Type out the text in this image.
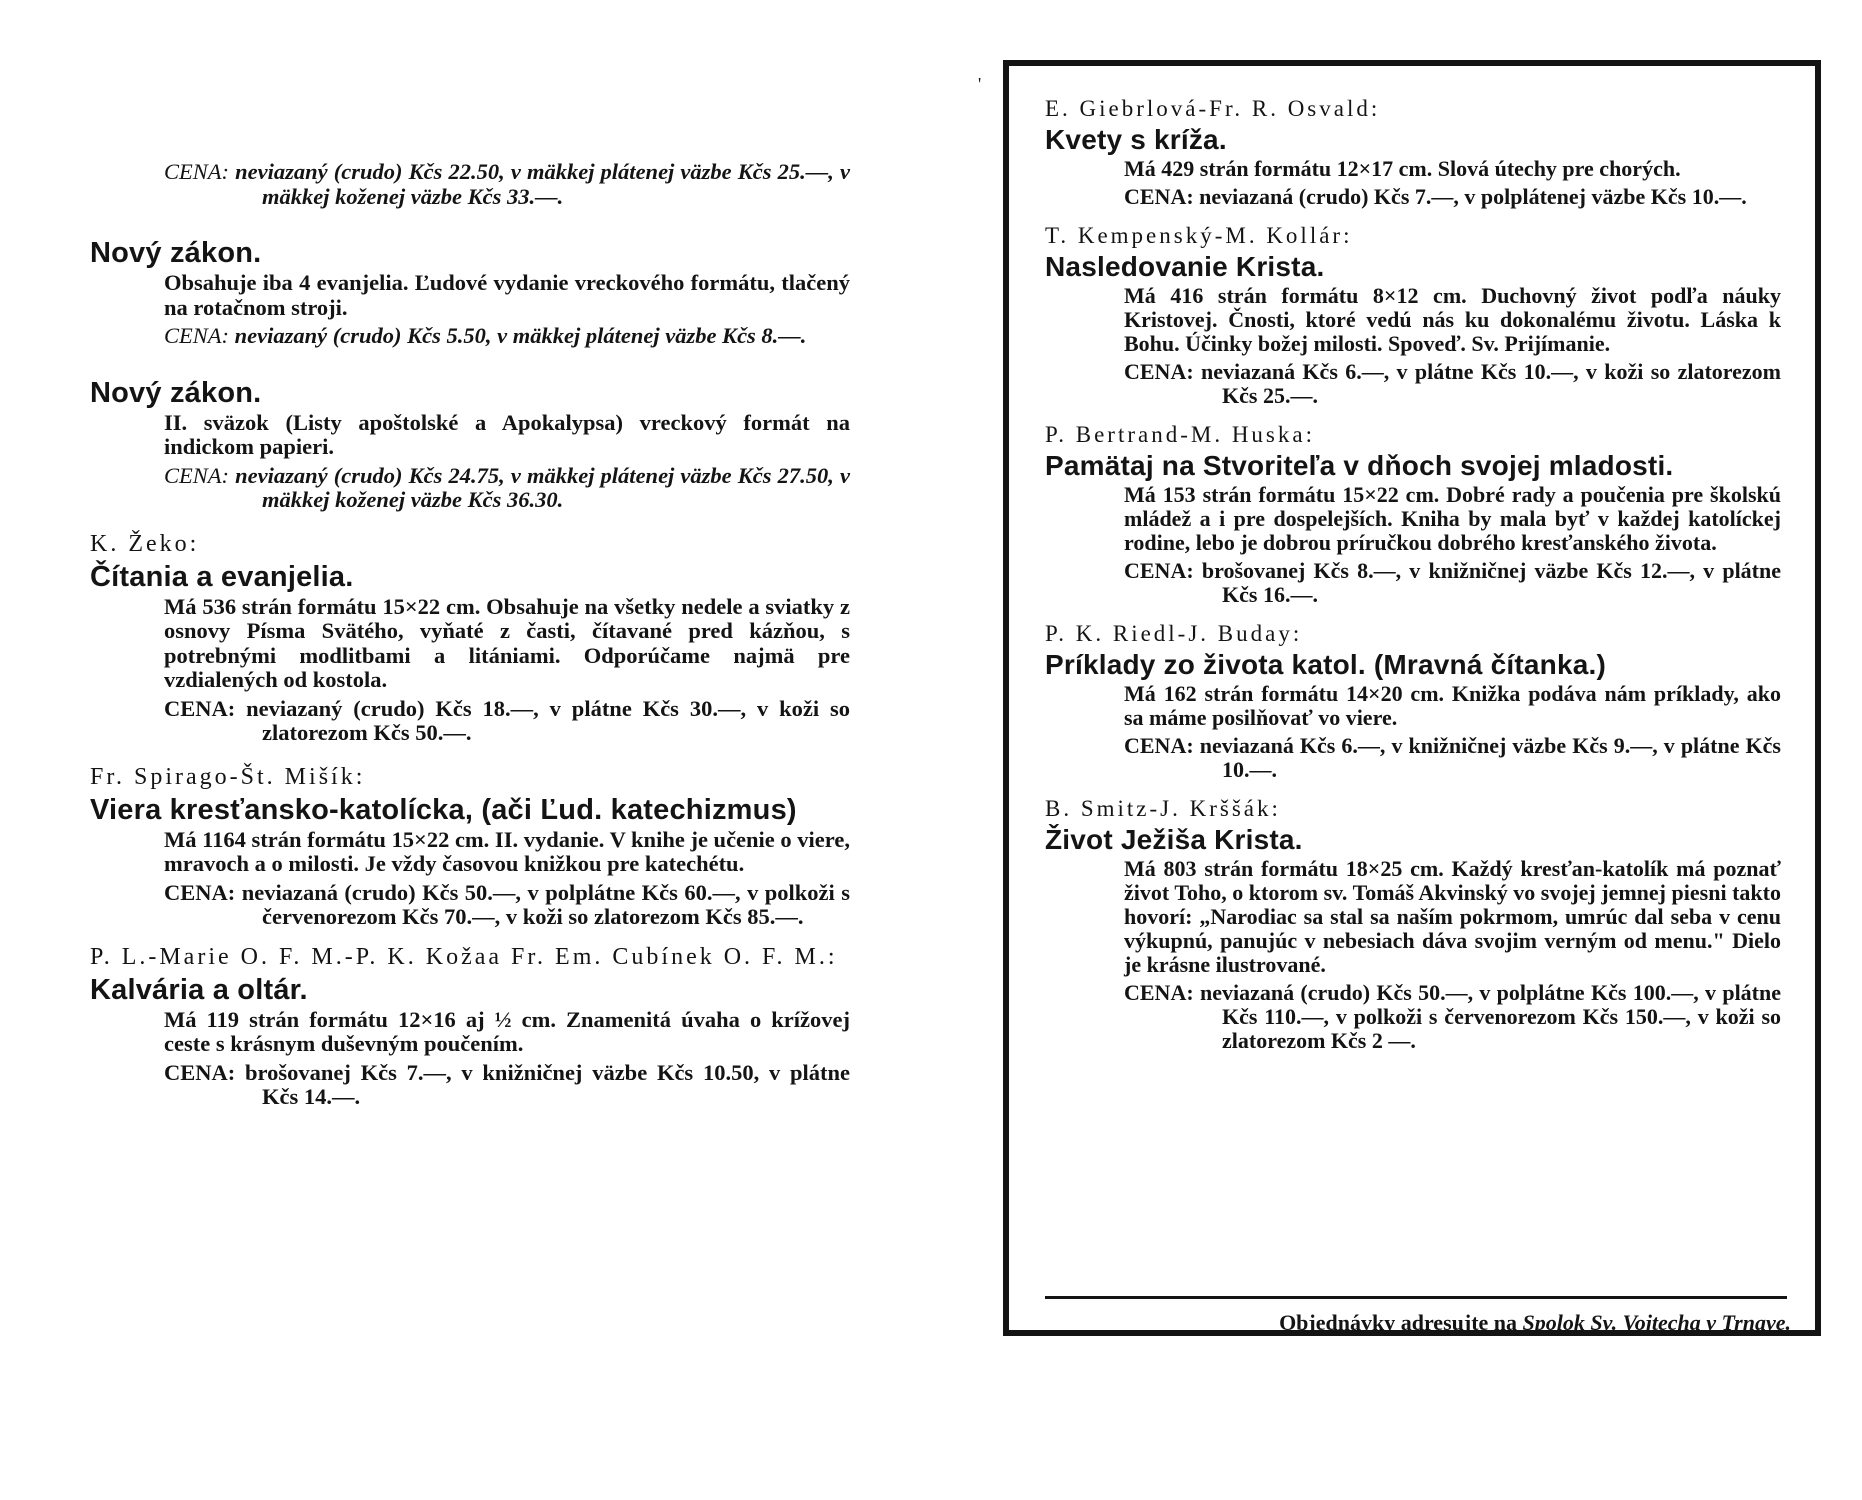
'

CENA: neviazaný (crudo) Kčs 22.50, v mäkkej plátenej väzbe Kčs 25.—, v mäkkej koženej väzbe Kčs 33.—.

Nový zákon.

Obsahuje iba 4 evanjelia. Ľudové vydanie vreckového formátu, tlačený na rotačnom stroji.

CENA: neviazaný (crudo) Kčs 5.50, v mäkkej plátenej väzbe Kčs 8.—.

Nový zákon.

II. sväzok (Listy apoštolské a Apokalypsa) vreckový formát na indickom papieri.

CENA: neviazaný (crudo) Kčs 24.75, v mäkkej plátenej väzbe Kčs 27.50, v mäkkej koženej väzbe Kčs 36.30.

K. Žeko:

Čítania a evanjelia.

Má 536 strán formátu 15×22 cm. Obsahuje na všetky nedele a sviatky z osnovy Písma Svätého, vyňaté z časti, čítavané pred kázňou, s potrebnými modlitbami a litániami. Odporúčame najmä pre vzdialených od kostola.

CENA: neviazaný (crudo) Kčs 18.—, v plátne Kčs 30.—, v koži so zlatorezom Kčs 50.—.

Fr. Spirago-Št. Mišík:

Viera kresťansko-katolícka, (ači Ľud. katechizmus)

Má 1164 strán formátu 15×22 cm. II. vydanie. V knihe je učenie o viere, mravoch a o milosti. Je vždy časovou knižkou pre katechétu.

CENA: neviazaná (crudo) Kčs 50.—, v polplátne Kčs 60.—, v polkoži s červenorezom Kčs 70.—, v koži so zlatorezom Kčs 85.—.

P. L.-Marie O. F. M.-P. K. Kožaa Fr. Em. Cubínek O. F. M.:

Kalvária a oltár.

Má 119 strán formátu 12×16 aj ½ cm. Znamenitá úvaha o krížovej ceste s krásnym duševným poučením.

CENA: brošovanej Kčs 7.—, v knižničnej väzbe Kčs 10.50, v plátne Kčs 14.—.

E. Giebrlová-Fr. R. Osvald:

Kvety s kríža.

Má 429 strán formátu 12×17 cm. Slová útechy pre chorých.

CENA: neviazaná (crudo) Kčs 7.—, v polplátenej väzbe Kčs 10.—.

T. Kempenský-M. Kollár:

Nasledovanie Krista.

Má 416 strán formátu 8×12 cm. Duchovný život podľa náuky Kristovej. Čnosti, ktoré vedú nás ku dokonalému životu. Láska k Bohu. Účinky božej milosti. Spoveď. Sv. Prijímanie.

CENA: neviazaná Kčs 6.—, v plátne Kčs 10.—, v koži so zlatorezom Kčs 25.—.

P. Bertrand-M. Huska:

Pamätaj na Stvoriteľa v dňoch svojej mladosti.

Má 153 strán formátu 15×22 cm. Dobré rady a poučenia pre školskú mládež a i pre dospelejších. Kniha by mala byť v každej katolíckej rodine, lebo je dobrou príručkou dobrého kresťanského života.

CENA: brošovanej Kčs 8.—, v knižničnej väzbe Kčs 12.—, v plátne Kčs 16.—.

P. K. Riedl-J. Buday:

Príklady zo života katol. (Mravná čítanka.)

Má 162 strán formátu 14×20 cm. Knižka podáva nám príklady, ako sa máme posilňovať vo viere.

CENA: neviazaná Kčs 6.—, v knižničnej väzbe Kčs 9.—, v plátne Kčs 10.—.

B. Smitz-J. Krššák:

Život Ježiša Krista.

Má 803 strán formátu 18×25 cm. Každý kresťan-katolík má poznať život Toho, o ktorom sv. Tomáš Akvinský vo svojej jemnej piesni takto hovorí: „Narodiac sa stal sa naším pokrmom, umrúc dal seba v cenu výkupnú, panujúc v nebesiach dáva svojim verným od menu." Dielo je krásne ilustrované.

CENA: neviazaná (crudo) Kčs 50.—, v polplátne Kčs 100.—, v plátne Kčs 110.—, v polkoži s červenorezom Kčs 150.—, v koži so zlatorezom Kčs 2 —.

Objednávky adresujte na Spolok Sv. Vojtecha v Trnave.
